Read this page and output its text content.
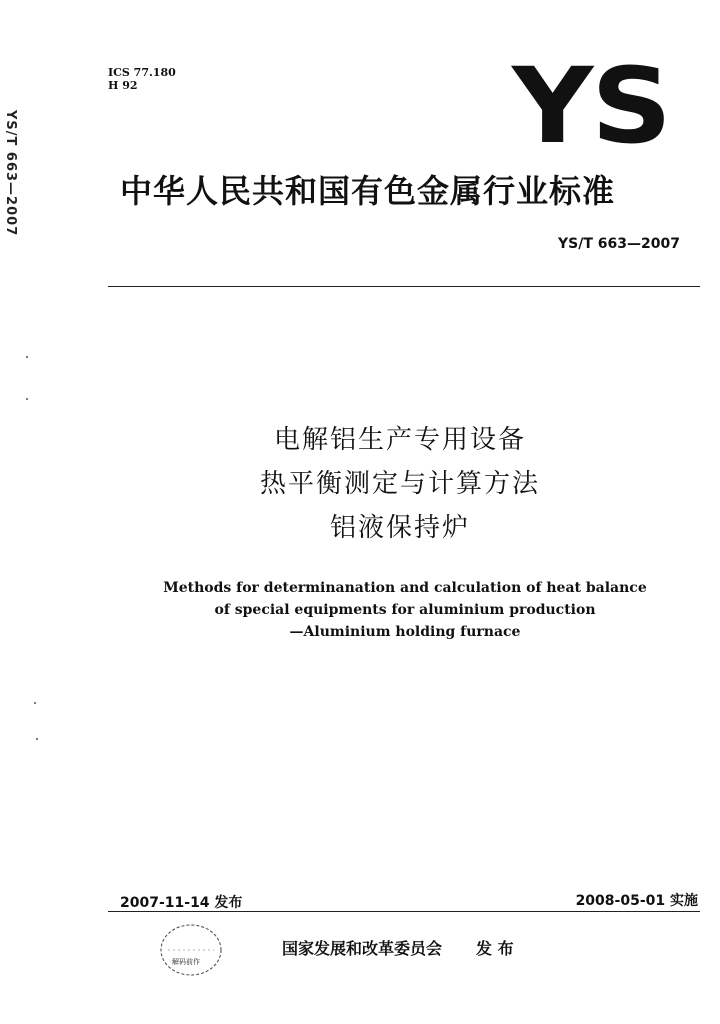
YS/T 663—2007
ICS 77.180
H 92	YS
中华人民共和国有色金属行业标准
YS/T 663—2007
电解铝生产专用设备
热平衡测定与计算方法
铝液保持炉
Methods for determinanation and calculation of heat balance
of special equipments for aluminium production
—Aluminium holding furnace
2007-11-14 发布	2008-05-01 实施
解码前作
国家发展和改革委员会 发 布
